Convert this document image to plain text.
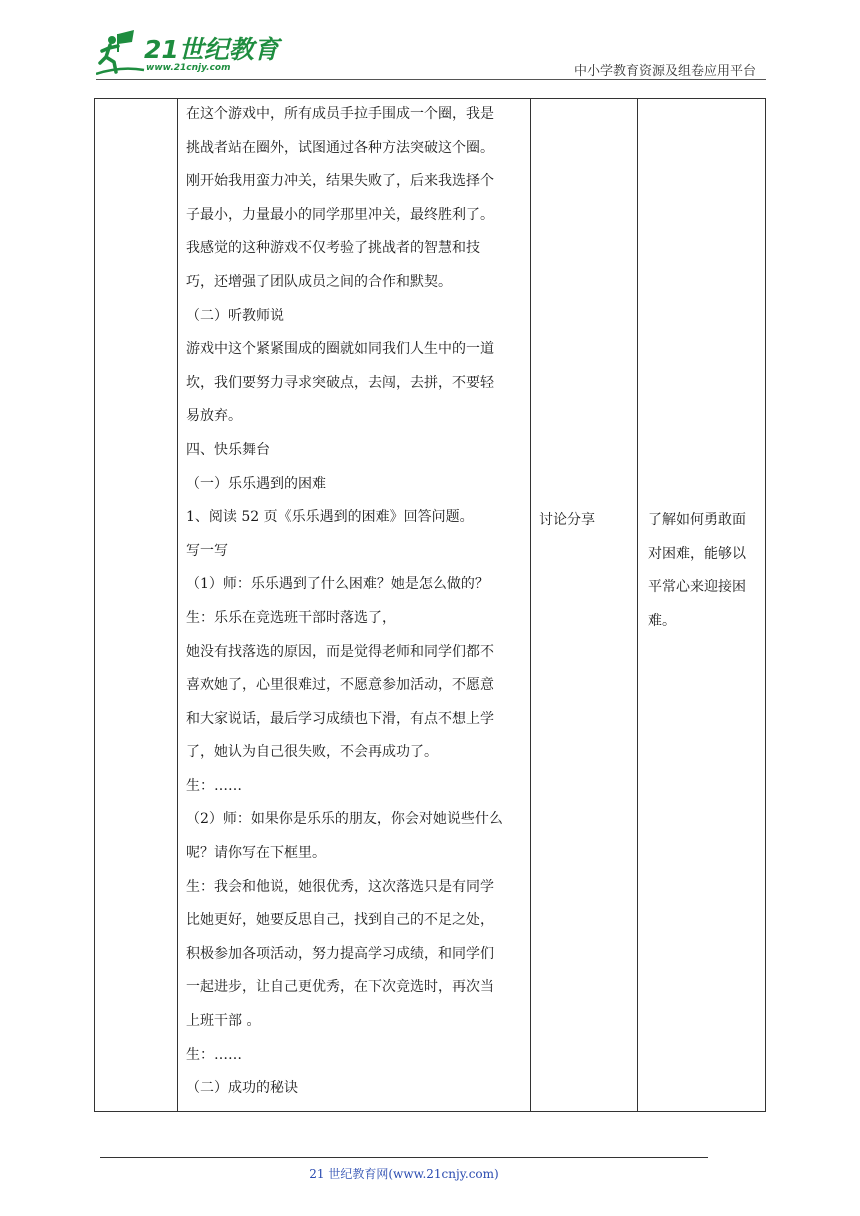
21世纪教育
www.21cnjy.com	中小学教育资源及组卷应用平台
在这个游戏中，所有成员手拉手围成一个圈，我是
挑战者站在圈外，试图通过各种方法突破这个圈。
刚开始我用蛮力冲关，结果失败了，后来我选择个
子最小，力量最小的同学那里冲关，最终胜利了。
我感觉的这种游戏不仅考验了挑战者的智慧和技
巧，还增强了团队成员之间的合作和默契。
（二）听教师说
游戏中这个紧紧围成的圈就如同我们人生中的一道
坎，我们要努力寻求突破点，去闯，去拼，不要轻
易放弃。
四、快乐舞台
（一）乐乐遇到的困难
1、阅读 52 页《乐乐遇到的困难》回答问题。
写一写
（1）师：乐乐遇到了什么困难？她是怎么做的？
生：乐乐在竞选班干部时落选了，
她没有找落选的原因，而是觉得老师和同学们都不
喜欢她了，心里很难过，不愿意参加活动，不愿意
和大家说话，最后学习成绩也下滑，有点不想上学
了，她认为自己很失败，不会再成功了。
生：……
（2）师：如果你是乐乐的朋友，你会对她说些什么
呢？请你写在下框里。
生：我会和他说，她很优秀，这次落选只是有同学
比她更好，她要反思自己，找到自己的不足之处，
积极参加各项活动，努力提高学习成绩，和同学们
一起进步，让自己更优秀，在下次竞选时，再次当
上班干部 。
生：……
（二）成功的秘诀
讨论分享	了解如何勇敢面
对困难，能够以
平常心来迎接困
难。
21 世纪教育网(www.21cnjy.com)
